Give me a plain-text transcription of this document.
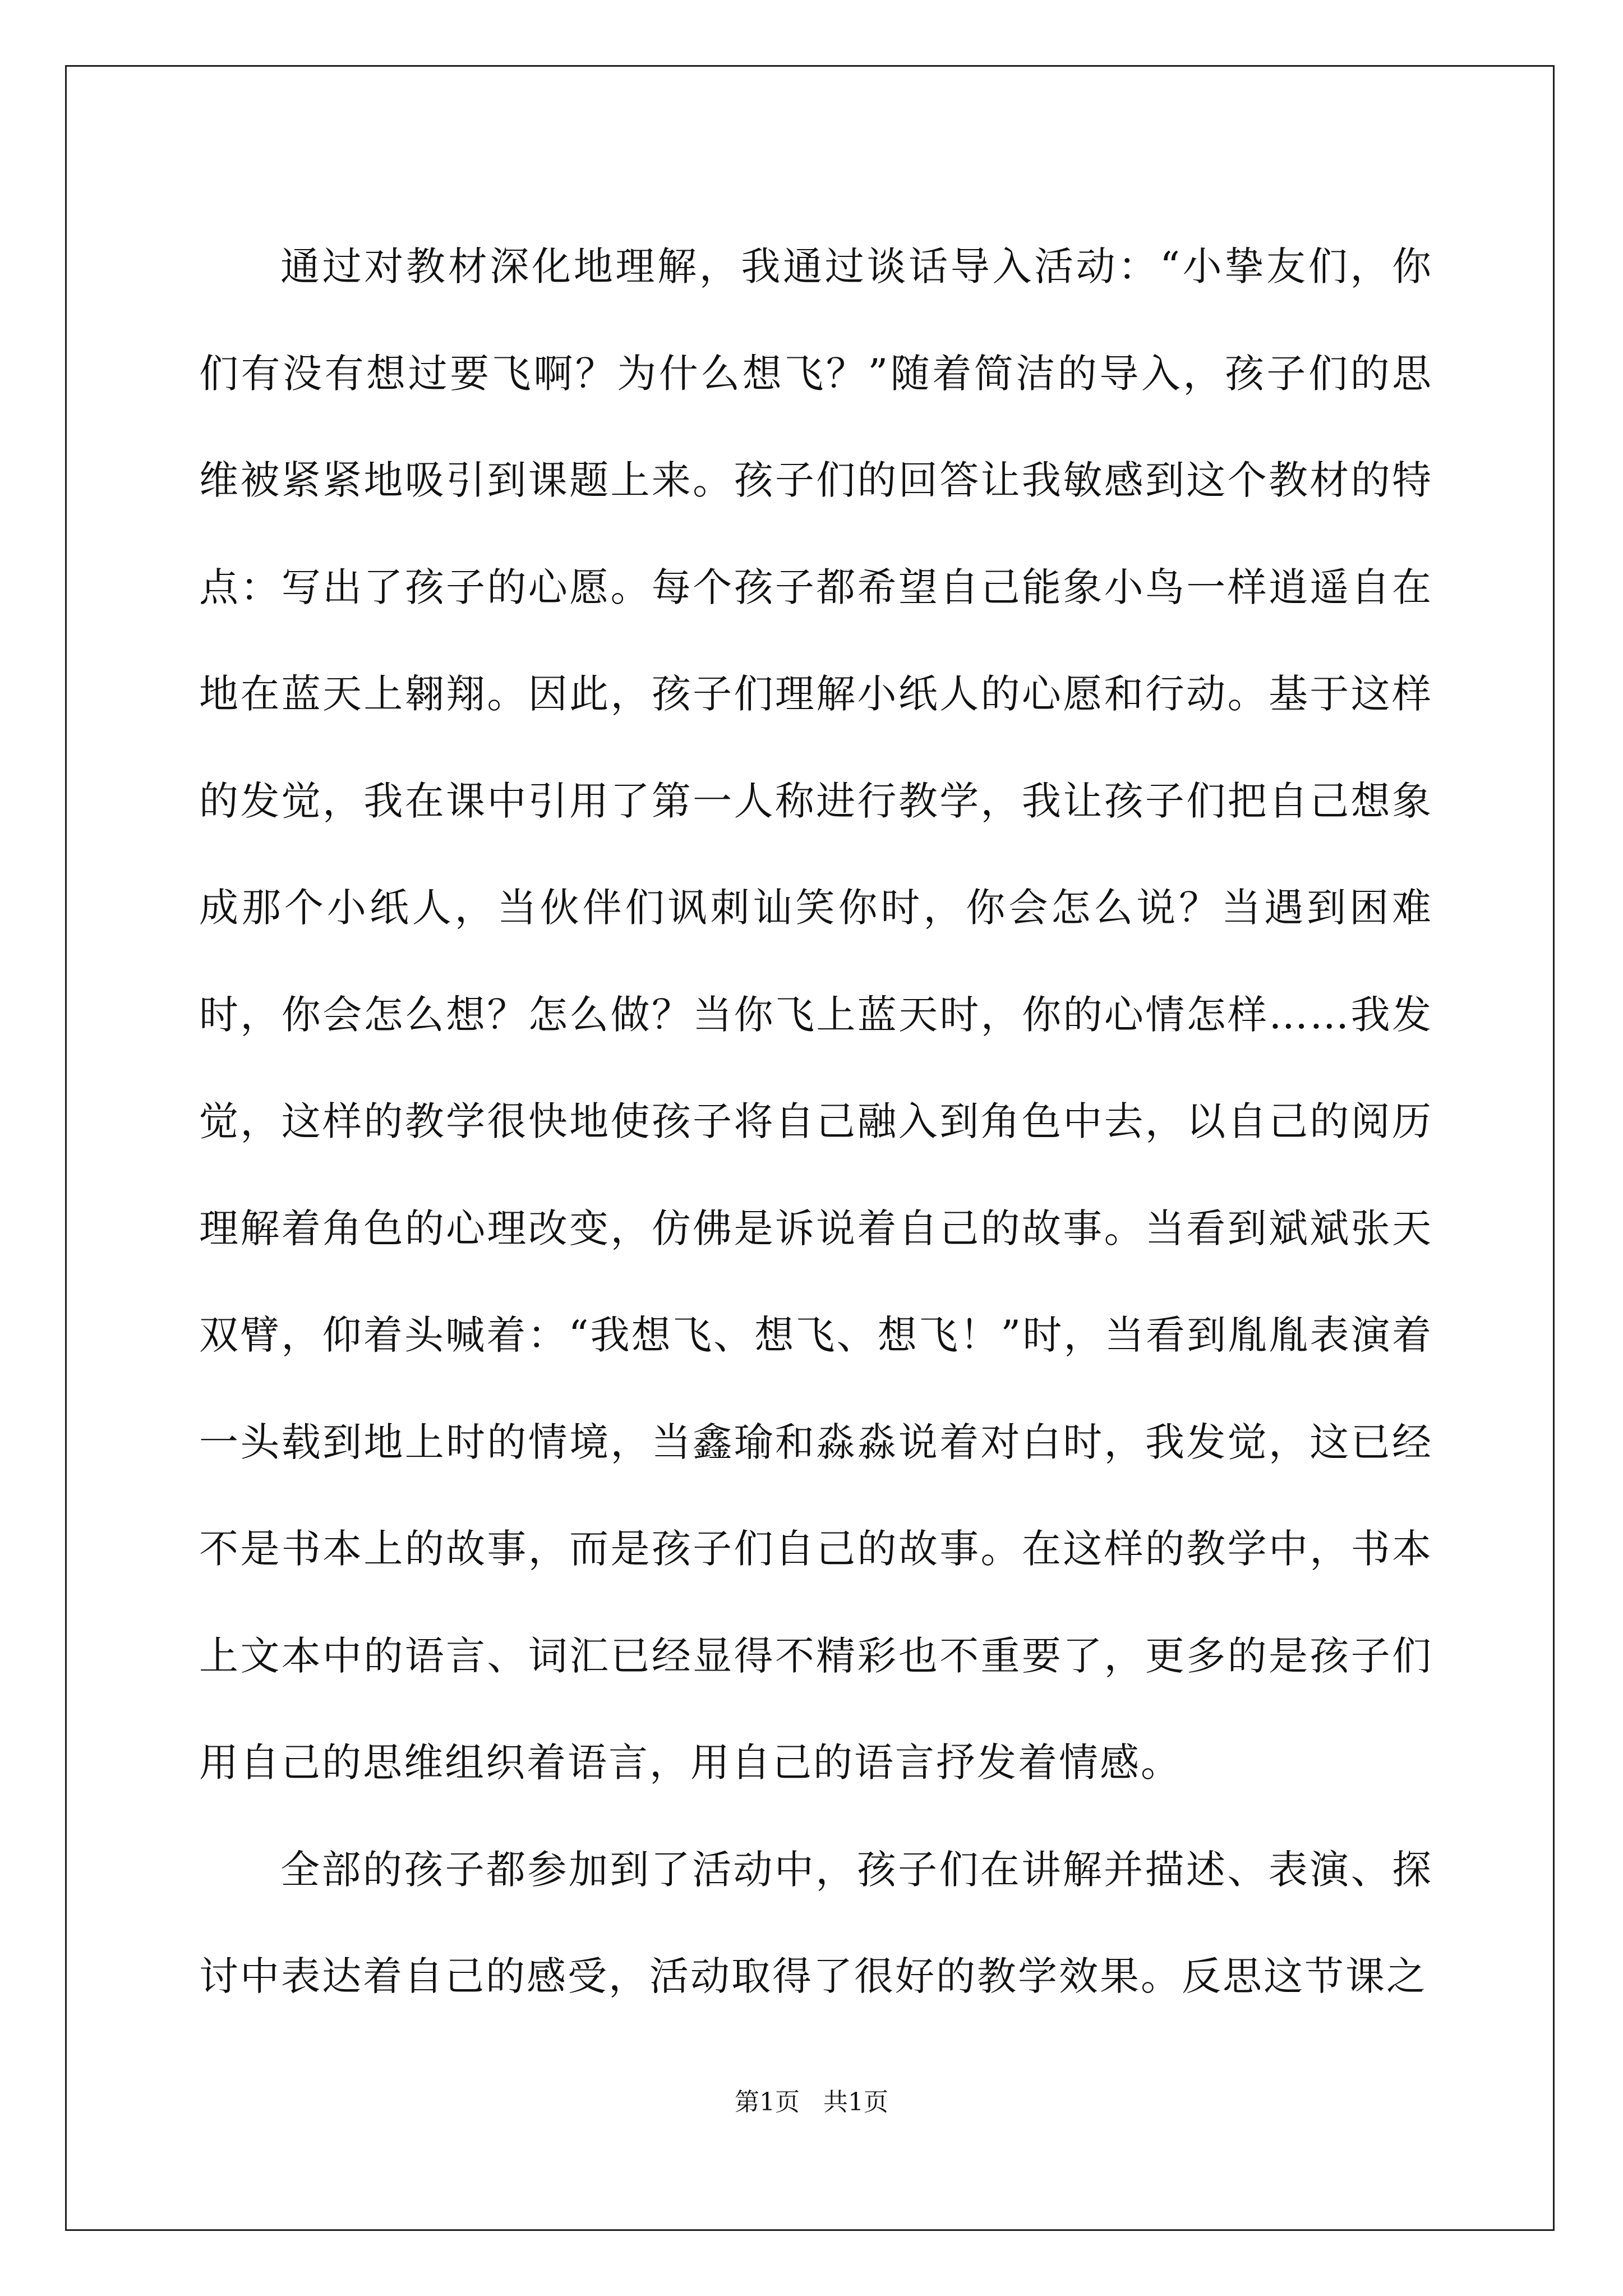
通过对教材深化地理解，我通过谈话导入活动：“小挚友们，你们有没有想过要飞啊？为什么想飞？”随着简洁的导入，孩子们的思维被紧紧地吸引到课题上来。孩子们的回答让我敏感到这个教材的特点：写出了孩子的心愿。每个孩子都希望自己能象小鸟一样逍遥自在地在蓝天上翱翔。因此，孩子们理解小纸人的心愿和行动。基于这样的发觉，我在课中引用了第一人称进行教学，我让孩子们把自己想象成那个小纸人，当伙伴们讽刺讪笑你时，你会怎么说？当遇到困难时，你会怎么想？怎么做？当你飞上蓝天时，你的心情怎样……我发觉，这样的教学很快地使孩子将自己融入到角色中去，以自己的阅历理解着角色的心理改变，仿佛是诉说着自己的故事。当看到斌斌张天双臂，仰着头喊着：“我想飞、想飞、想飞！”时，当看到胤胤表演着一头载到地上时的情境，当鑫瑜和淼淼说着对白时，我发觉，这已经不是书本上的故事，而是孩子们自己的故事。在这样的教学中，书本上文本中的语言、词汇已经显得不精彩也不重要了，更多的是孩子们用自己的思维组织着语言，用自己的语言抒发着情感。

全部的孩子都参加到了活动中，孩子们在讲解并描述、表演、探讨中表达着自己的感受，活动取得了很好的教学效果。反思这节课之

第1页 共1页
